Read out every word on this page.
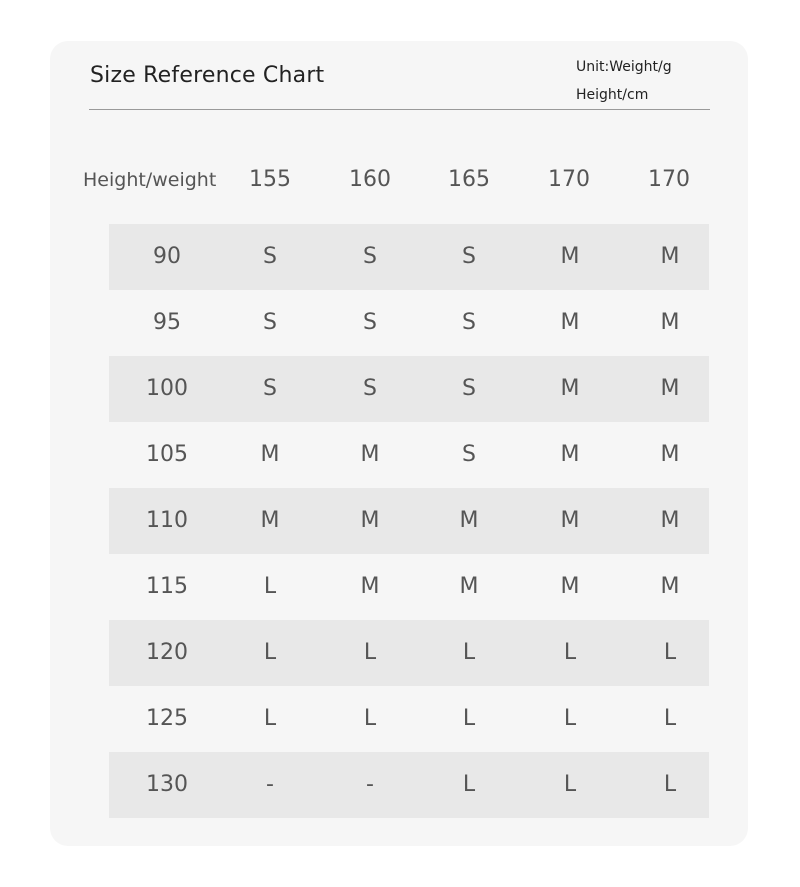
Size Reference Chart	Unit:Weight/g
Height/cm
Height/weight	155	160	165	170	170
90	S	S	S	M	M
95	S	S	S	M	M
100	S	S	S	M	M
105	M	M	S	M	M
110	M	M	M	M	M
115	L	M	M	M	M
120	L	L	L	L	L
125	L	L	L	L	L
130	-	-	L	L	L
